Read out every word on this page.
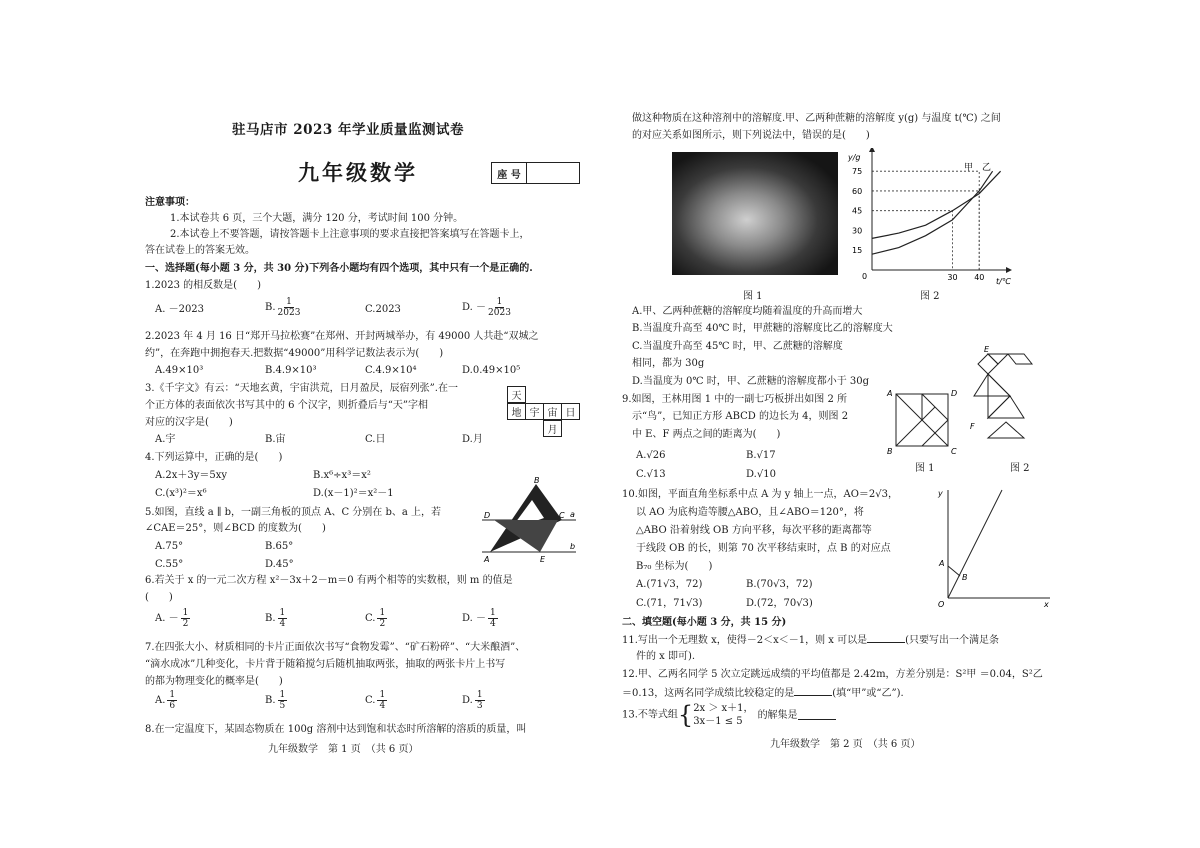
驻马店市 2023 年学业质量监测试卷
九年级数学	座 号
注意事项：
1.本试卷共 6 页，三个大题，满分 120 分，考试时间 100 分钟。
2.本试卷上不要答题，请按答题卡上注意事项的要求直接把答案填写在答题卡上，
答在试卷上的答案无效。
一、选择题(每小题 3 分，共 30 分)下列各小题均有四个选项，其中只有一个是正确的.
1.2023 的相反数是(　　)
A. －2023	B. $\frac{1}{2023}$	C.2023	D. － $\frac{1}{2023}$
2.2023 年 4 月 16 日“郑开马拉松赛”在郑州、开封两城举办，有 49000 人共赴“双城之
约”，在奔跑中拥抱春天.把数据“49000”用科学记数法表示为(　　)
A.49×10³	B.4.9×10³	C.4.9×10⁴	D.0.49×10⁵
3.《千字文》有云：“天地玄黄，宇宙洪荒，日月盈昃，辰宿列张”.在一
个正方体的表面依次书写其中的 6 个汉字，则折叠后与“天”字相
对应的汉字是(　　)
A.宇	B.宙	C.日	D.月
天
地 宇 宙 日
月
4.下列运算中，正确的是(　　)
A.2x＋3y＝5xy	B.x⁶÷x³＝x²
C.(x³)²＝x⁶	D.(x－1)²＝x²－1
5.如图，直线 a ∥ b，一副三角板的顶点 A、C 分别在 b、a 上，若
∠CAE＝25°，则∠BCD 的度数为(　　)
A.75°	B.65°
C.55°	D.45°
B
D	C a
E
A
b
6.若关于 x 的一元二次方程 x²－3x＋2－m＝0 有两个相等的实数根，则 m 的值是
(　　)
A. － $\frac{1}{2}$	B. $\frac{1}{4}$	C. $\frac{1}{2}$	D. － $\frac{1}{4}$
7.在四张大小、材质相同的卡片正面依次书写“食物发霉”、“矿石粉碎”、“大米酿酒”、
“滴水成冰”几种变化，卡片背于随箱搅匀后随机抽取两张，抽取的两张卡片上书写
的都为物理变化的概率是(　　)
A. $\frac{1}{6}$	B. $\frac{1}{5}$	C. $\frac{1}{4}$	D. $\frac{1}{3}$
8.在一定温度下，某固态物质在 100g 溶剂中达到饱和状态时所溶解的溶质的质量，叫
九年级数学　第 1 页　（共 6 页）
做这种物质在这种溶剂中的溶解度.甲、乙两种蔗糖的溶解度 y(g) 与温度 t(℃) 之间
的对应关系如图所示，则下列说法中，错误的是(　　)
图 1	图 2
y/g
t/℃
0
75
60
45
30
15
30 40
甲 乙
A.甲、乙两种蔗糖的溶解度均随着温度的升高而增大
B.当温度升高至 40℃ 时，甲蔗糖的溶解度比乙的溶解度大
C.当温度升高至 45℃ 时，甲、乙蔗糖的溶解度
相同，都为 30g
D.当温度为 0℃ 时，甲、乙蔗糖的溶解度都小于 30g
9.如图，王林用图 1 中的一副七巧板拼出如图 2 所
示“鸟”，已知正方形 ABCD 的边长为 4，则图 2
中 E、F 两点之间的距离为(　　)
A.√26	B.√17
C.√13	D.√10
A	D
B	C
图 1
E
F
图 2
10.如图，平面直角坐标系中点 A 为 y 轴上一点，AO＝2√3，
以 AO 为底构造等腰△ABO，且∠ABO＝120°，将
△ABO 沿着射线 OB 方向平移，每次平移的距离都等
于线段 OB 的长，则第 70 次平移结束时，点 B 的对应点
B₇₀ 坐标为(　　)
A.(71√3，72)	B.(70√3，72)
C.(71，71√3)	D.(72，70√3)
y
A
B
O	x
二、填空题(每小题 3 分，共 15 分)
11.写出一个无理数 x，使得－2＜x＜－1，则 x 可以是	(只要写出一个满足条
件的 x 即可).
12.甲、乙两名同学 5 次立定跳远成绩的平均值都是 2.42m，方差分别是：S²甲 ＝0.04，S²乙
＝0.13，这两名同学成绩比较稳定的是	(填“甲”或“乙”).
13.不等式组{ 2x ＞ x＋1，
3x－1 ≤ 5
的解集是
九年级数学　第 2 页　（共 6 页）
